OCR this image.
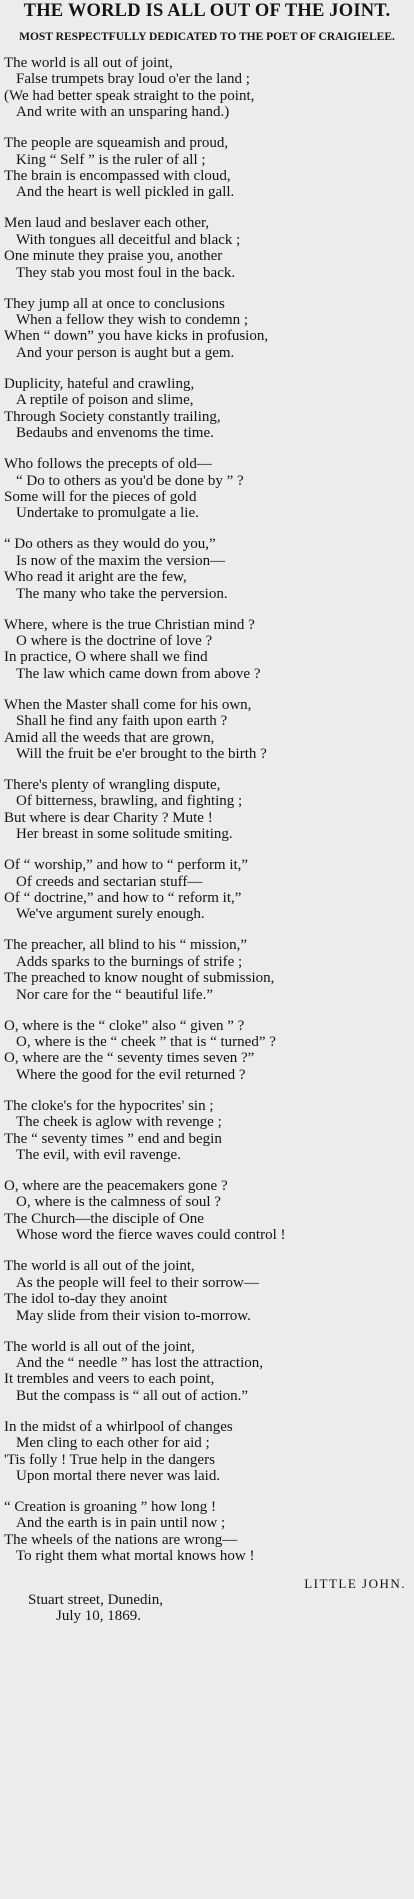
THE WORLD IS ALL OUT OF THE JOINT.
MOST RESPECTFULLY DEDICATED TO THE POET OF CRAIGIELEE.
The world is all out of joint,
False trumpets bray loud o'er the land ;
(We had better speak straight to the point,
And write with an unsparing hand.)
The people are squeamish and proud,
King “ Self ” is the ruler of all ;
The brain is encompassed with cloud,
And the heart is well pickled in gall.
Men laud and beslaver each other,
With tongues all deceitful and black ;
One minute they praise you, another
They stab you most foul in the back.
They jump all at once to conclusions
When a fellow they wish to condemn ;
When “ down” you have kicks in profusion,
And your person is aught but a gem.
Duplicity, hateful and crawling,
A reptile of poison and slime,
Through Society constantly trailing,
Bedaubs and envenoms the time.
Who follows the precepts of old—
“ Do to others as you'd be done by ” ?
Some will for the pieces of gold
Undertake to promulgate a lie.
“ Do others as they would do you,”
Is now of the maxim the version—
Who read it aright are the few,
The many who take the perversion.
Where, where is the true Christian mind ?
O where is the doctrine of love ?
In practice, O where shall we find
The law which came down from above ?
When the Master shall come for his own,
Shall he find any faith upon earth ?
Amid all the weeds that are grown,
Will the fruit be e'er brought to the birth ?
There's plenty of wrangling dispute,
Of bitterness, brawling, and fighting ;
But where is dear Charity ? Mute !
Her breast in some solitude smiting.
Of “ worship,” and how to “ perform it,”
Of creeds and sectarian stuff—
Of “ doctrine,” and how to “ reform it,”
We've argument surely enough.
The preacher, all blind to his “ mission,”
Adds sparks to the burnings of strife ;
The preached to know nought of submission,
Nor care for the “ beautiful life.”
O, where is the “ cloke” also “ given ” ?
O, where is the “ cheek ” that is “ turned” ?
O, where are the “ seventy times seven ?”
Where the good for the evil returned ?
The cloke's for the hypocrites' sin ;
The cheek is aglow with revenge ;
The “ seventy times ” end and begin
The evil, with evil ravenge.
O, where are the peacemakers gone ?
O, where is the calmness of soul ?
The Church—the disciple of One
Whose word the fierce waves could control !
The world is all out of the joint,
As the people will feel to their sorrow—
The idol to-day they anoint
May slide from their vision to-morrow.
The world is all out of the joint,
And the “ needle ” has lost the attraction,
It trembles and veers to each point,
But the compass is “ all out of action.”
In the midst of a whirlpool of changes
Men cling to each other for aid ;
'Tis folly ! True help in the dangers
Upon mortal there never was laid.
“ Creation is groaning ” how long !
And the earth is in pain until now ;
The wheels of the nations are wrong—
To right them what mortal knows how !
LITTLE JOHN.
Stuart street, Dunedin,
July 10, 1869.
